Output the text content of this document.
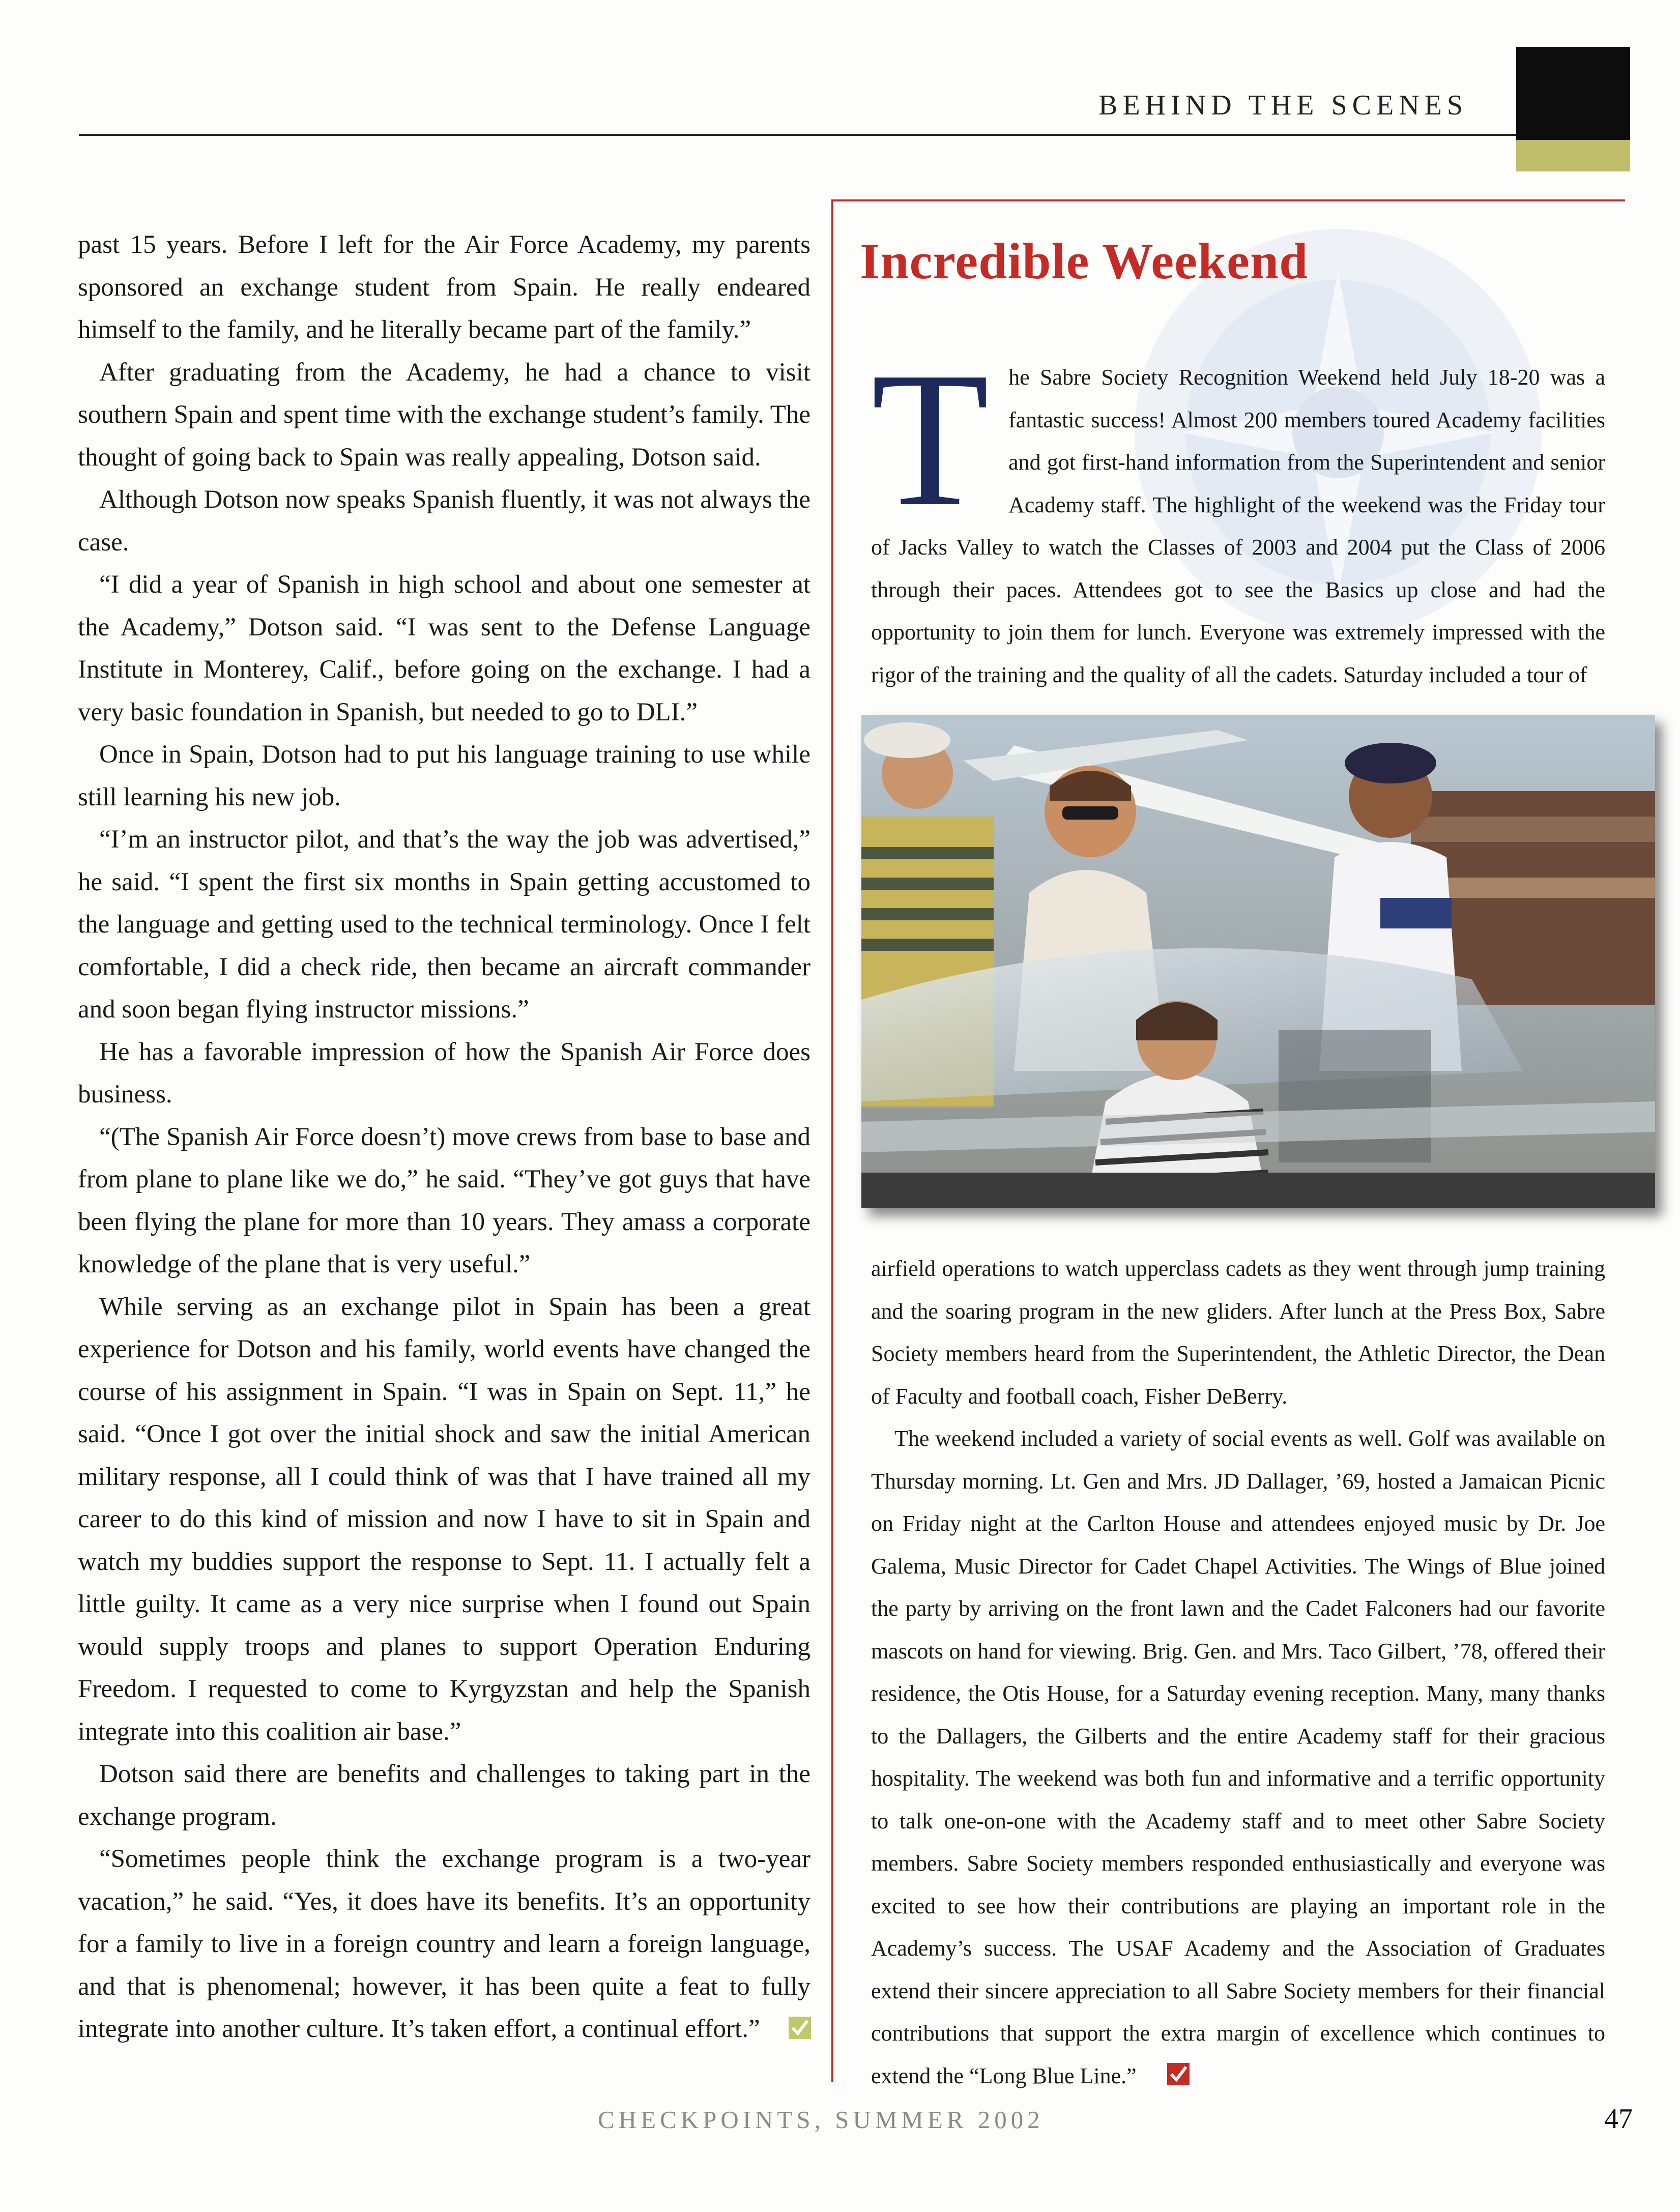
BEHIND THE SCENES

past 15 years. Before I left for the Air Force Academy, my parents sponsored an exchange student from Spain. He really endeared himself to the family, and he literally became part of the family.”

After graduating from the Academy, he had a chance to visit southern Spain and spent time with the exchange student’s family. The thought of going back to Spain was really appealing, Dotson said.

Although Dotson now speaks Spanish fluently, it was not always the case.

“I did a year of Spanish in high school and about one semester at the Academy,” Dotson said. “I was sent to the Defense Language Institute in Monterey, Calif., before going on the exchange. I had a very basic foundation in Spanish, but needed to go to DLI.”

Once in Spain, Dotson had to put his language training to use while still learning his new job.

“I’m an instructor pilot, and that’s the way the job was advertised,” he said. “I spent the first six months in Spain getting accustomed to the language and getting used to the technical terminology. Once I felt comfortable, I did a check ride, then became an aircraft commander and soon began flying instructor missions.”

He has a favorable impression of how the Spanish Air Force does business.

“(The Spanish Air Force doesn’t) move crews from base to base and from plane to plane like we do,” he said. “They’ve got guys that have been flying the plane for more than 10 years. They amass a corporate knowledge of the plane that is very useful.”

While serving as an exchange pilot in Spain has been a great experience for Dotson and his family, world events have changed the course of his assignment in Spain. “I was in Spain on Sept. 11,” he said. “Once I got over the initial shock and saw the initial American military response, all I could think of was that I have trained all my career to do this kind of mission and now I have to sit in Spain and watch my buddies support the response to Sept. 11. I actually felt a little guilty. It came as a very nice surprise when I found out Spain would supply troops and planes to support Operation Enduring Freedom. I requested to come to Kyrgyzstan and help the Spanish integrate into this coalition air base.”

Dotson said there are benefits and challenges to taking part in the exchange program.

“Sometimes people think the exchange program is a two-year vacation,” he said. “Yes, it does have its benefits. It’s an opportunity for a family to live in a foreign country and learn a foreign language, and that is phenomenal; however, it has been quite a feat to fully integrate into another culture. It’s taken effort, a continual effort.”

Incredible Weekend

The Sabre Society Recognition Weekend held July 18-20 was a fantastic success! Almost 200 members toured Academy facilities and got first-hand information from the Superintendent and senior Academy staff. The highlight of the weekend was the Friday tour of Jacks Valley to watch the Classes of 2003 and 2004 put the Class of 2006 through their paces. Attendees got to see the Basics up close and had the opportunity to join them for lunch. Everyone was extremely impressed with the rigor of the training and the quality of all the cadets. Saturday included a tour of

airfield operations to watch upperclass cadets as they went through jump training and the soaring program in the new gliders. After lunch at the Press Box, Sabre Society members heard from the Superintendent, the Athletic Director, the Dean of Faculty and football coach, Fisher DeBerry.

The weekend included a variety of social events as well. Golf was available on Thursday morning. Lt. Gen and Mrs. JD Dallager, ’69, hosted a Jamaican Picnic on Friday night at the Carlton House and attendees enjoyed music by Dr. Joe Galema, Music Director for Cadet Chapel Activities. The Wings of Blue joined the party by arriving on the front lawn and the Cadet Falconers had our favorite mascots on hand for viewing. Brig. Gen. and Mrs. Taco Gilbert, ’78, offered their residence, the Otis House, for a Saturday evening reception. Many, many thanks to the Dallagers, the Gilberts and the entire Academy staff for their gracious hospitality. The weekend was both fun and informative and a terrific opportunity to talk one-on-one with the Academy staff and to meet other Sabre Society members. Sabre Society members responded enthusiastically and everyone was excited to see how their contributions are playing an important role in the Academy’s success. The USAF Academy and the Association of Graduates extend their sincere appreciation to all Sabre Society members for their financial contributions that support the extra margin of excellence which continues to extend the “Long Blue Line.”

CHECKPOINTS, SUMMER 2002	47
